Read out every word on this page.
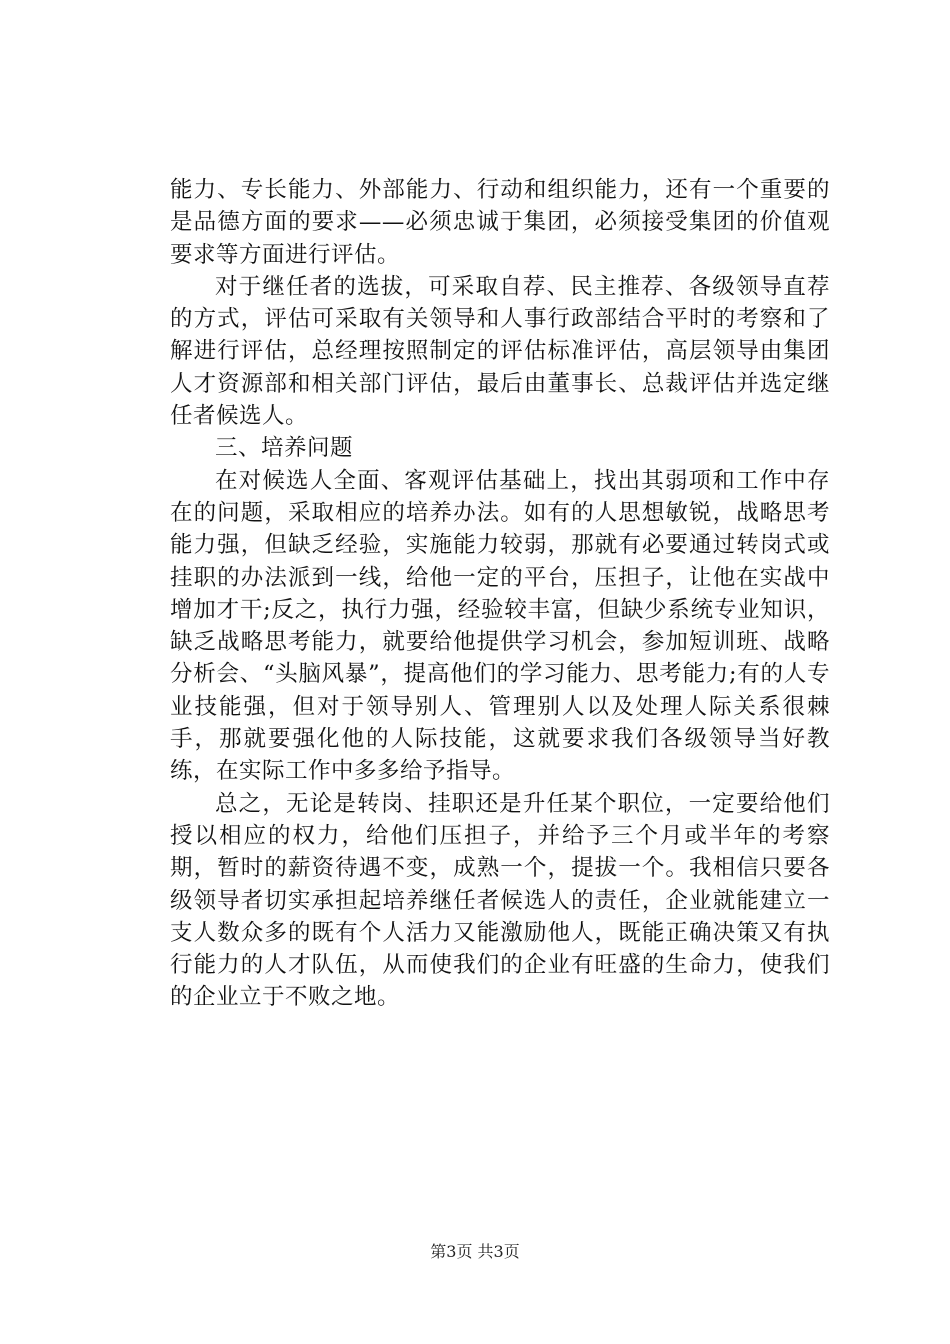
能力、专长能力、外部能力、行动和组织能力，还有一个重要的是品德方面的要求——必须忠诚于集团，必须接受集团的价值观要求等方面进行评估。

对于继任者的选拔，可采取自荐、民主推荐、各级领导直荐的方式，评估可采取有关领导和人事行政部结合平时的考察和了解进行评估，总经理按照制定的评估标准评估，高层领导由集团人才资源部和相关部门评估，最后由董事长、总裁评估并选定继任者候选人。

三、培养问题

在对候选人全面、客观评估基础上，找出其弱项和工作中存在的问题，采取相应的培养办法。如有的人思想敏锐，战略思考能力强，但缺乏经验，实施能力较弱，那就有必要通过转岗式或挂职的办法派到一线，给他一定的平台，压担子，让他在实战中增加才干;反之，执行力强，经验较丰富，但缺少系统专业知识，缺乏战略思考能力，就要给他提供学习机会，参加短训班、战略分析会、“头脑风暴”，提高他们的学习能力、思考能力;有的人专业技能强，但对于领导别人、管理别人以及处理人际关系很棘手，那就要强化他的人际技能，这就要求我们各级领导当好教练，在实际工作中多多给予指导。

总之，无论是转岗、挂职还是升任某个职位，一定要给他们授以相应的权力，给他们压担子，并给予三个月或半年的考察期，暂时的薪资待遇不变，成熟一个，提拔一个。我相信只要各级领导者切实承担起培养继任者候选人的责任，企业就能建立一支人数众多的既有个人活力又能激励他人，既能正确决策又有执行能力的人才队伍，从而使我们的企业有旺盛的生命力，使我们的企业立于不败之地。

第3页 共3页
